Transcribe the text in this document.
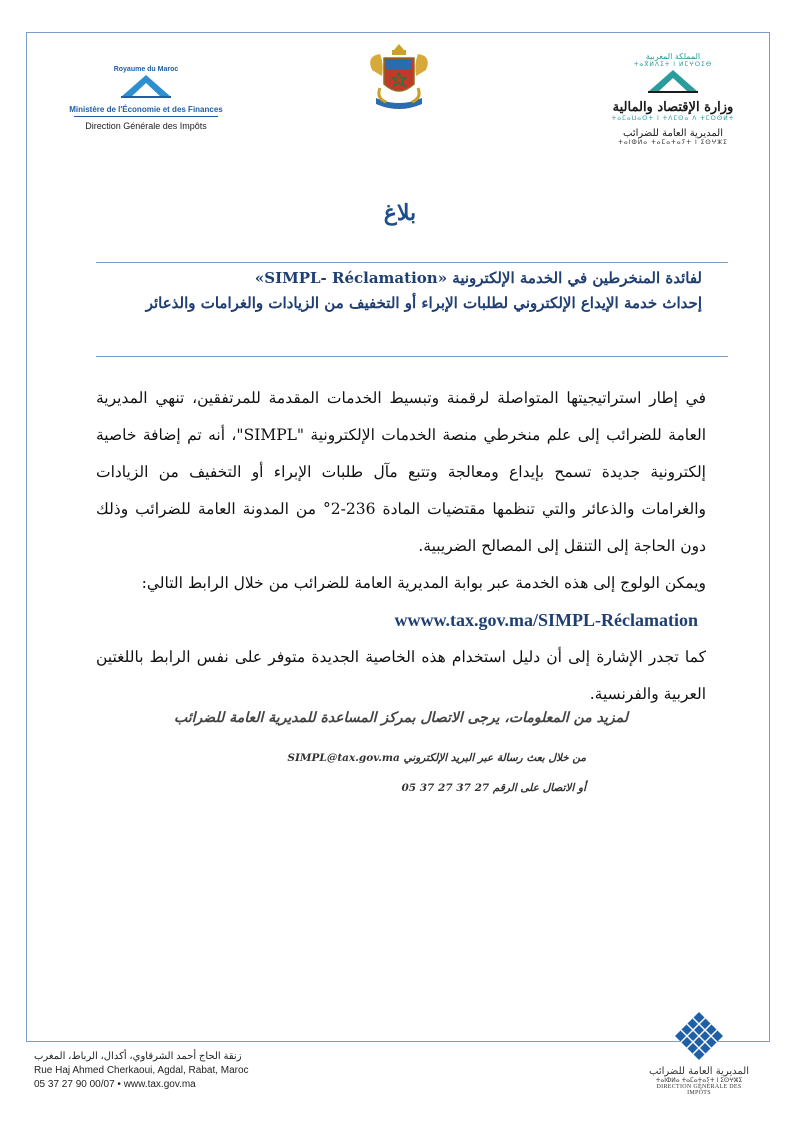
Royaume du Maroc
Ministère de l'Économie et des Finances
Direction Générale des Impôts
المملكة المغربية
ⵜⴰⴳⵍⴷⵉⵜ ⵏ ⵍⵎⵖⵔⵉⴱ
وزارة الإقتصاد والمالية
ⵜⴰⵎⴰⵡⴰⵙⵜ ⵏ ⵜⴷⵎⵙⴰ ⴷ ⵜⵎⵔⵙⵍⵜ
المديرية العامة للضرائب
ⵜⴰⵏⵀⵍⴰ ⵜⴰⵎⴰⵜⴰⵢⵜ ⵏ ⵉⵙⵖⵣⵉ
بلاغ
لفائدة المنخرطين في الخدمة الإلكترونية «SIMPL- Réclamation»
إحداث خدمة الإيداع الإلكتروني لطلبات الإبراء أو التخفيف من الزيادات والغرامات والذعائر

في إطار استراتيجيتها المتواصلة لرقمنة وتبسيط الخدمات المقدمة للمرتفقين، تنهي المديرية العامة للضرائب إلى علم منخرطي منصة الخدمات الإلكترونية "SIMPL"، أنه تم إضافة خاصية إلكترونية جديدة تسمح بإيداع ومعالجة وتتبع مآل طلبات الإبراء أو التخفيف من الزيادات والغرامات والذعائر والتي تنظمها مقتضيات المادة 236-2° من المدونة العامة للضرائب وذلك دون الحاجة إلى التنقل إلى المصالح الضريبية.

ويمكن الولوج إلى هذه الخدمة عبر بوابة المديرية العامة للضرائب من خلال الرابط التالي:

wwww.tax.gov.ma/SIMPL-Réclamation

كما تجدر الإشارة إلى أن دليل استخدام هذه الخاصية الجديدة متوفر على نفس الرابط باللغتين العربية والفرنسية.

لمزيد من المعلومات، يرجى الاتصال بمركز المساعدة للمديرية العامة للضرائب
من خلال بعث رسالة عبر البريد الإلكتروني SIMPL@tax.gov.ma
أو الاتصال على الرقم 27 37 27 37 05
زنقة الحاج أحمد الشرقاوي، أكدال، الرباط، المغرب
Rue Haj Ahmed Cherkaoui, Agdal, Rabat, Maroc
05 37 27 90 00/07 • www.tax.gov.ma
المديرية العامة للضرائب
ⵜⴰⵏⵀⵍⴰ ⵜⴰⵎⴰⵜⴰⵢⵜ ⵏ ⵉⵙⵖⵣⵉ
DIRECTION GÉNÉRALE DES IMPÔTS
